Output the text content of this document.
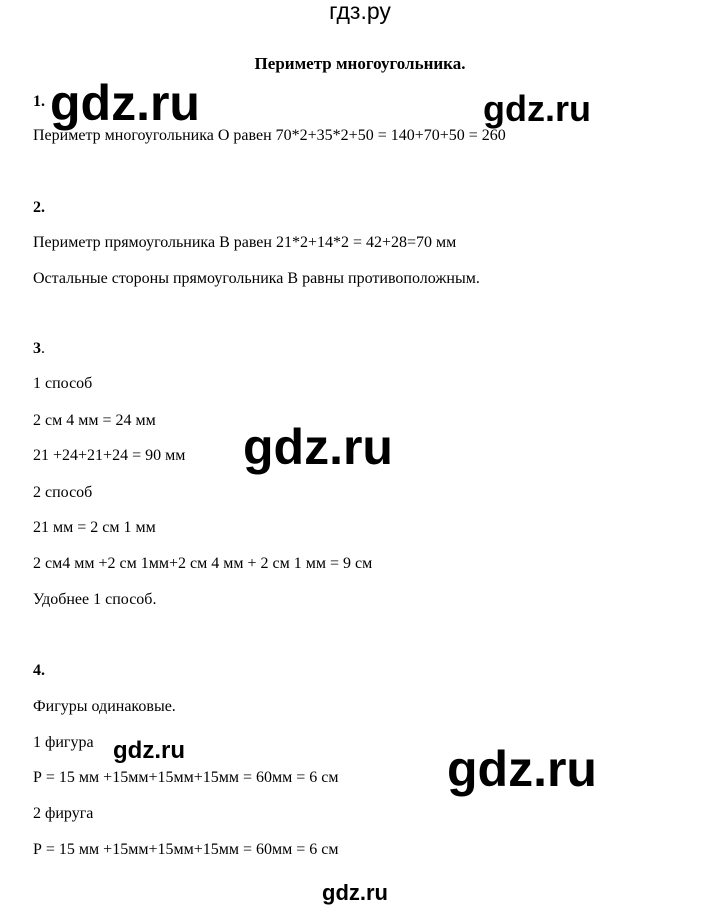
гдз.ру
Периметр многоугольника.
1.
Периметр многоугольника О равен 70*2+35*2+50 = 140+70+50 = 260
2.
Периметр прямоугольника В равен 21*2+14*2 = 42+28=70 мм
Остальные стороны прямоугольника В равны противоположным.
3.
1 способ
2 см 4 мм = 24 мм
21 +24+21+24 = 90 мм
2 способ
21 мм = 2 см 1 мм
2 см4 мм +2 см 1мм+2 см 4 мм + 2 см 1 мм = 9 см
Удобнее 1 способ.
4.
Фигуры одинаковые.
1 фигура
Р = 15 мм +15мм+15мм+15мм = 60мм = 6 см
2 фируга
Р = 15 мм +15мм+15мм+15мм = 60мм = 6 см
gdz.ru	gdz.ru
gdz.ru
gdz.ru	gdz.ru
gdz.ru
